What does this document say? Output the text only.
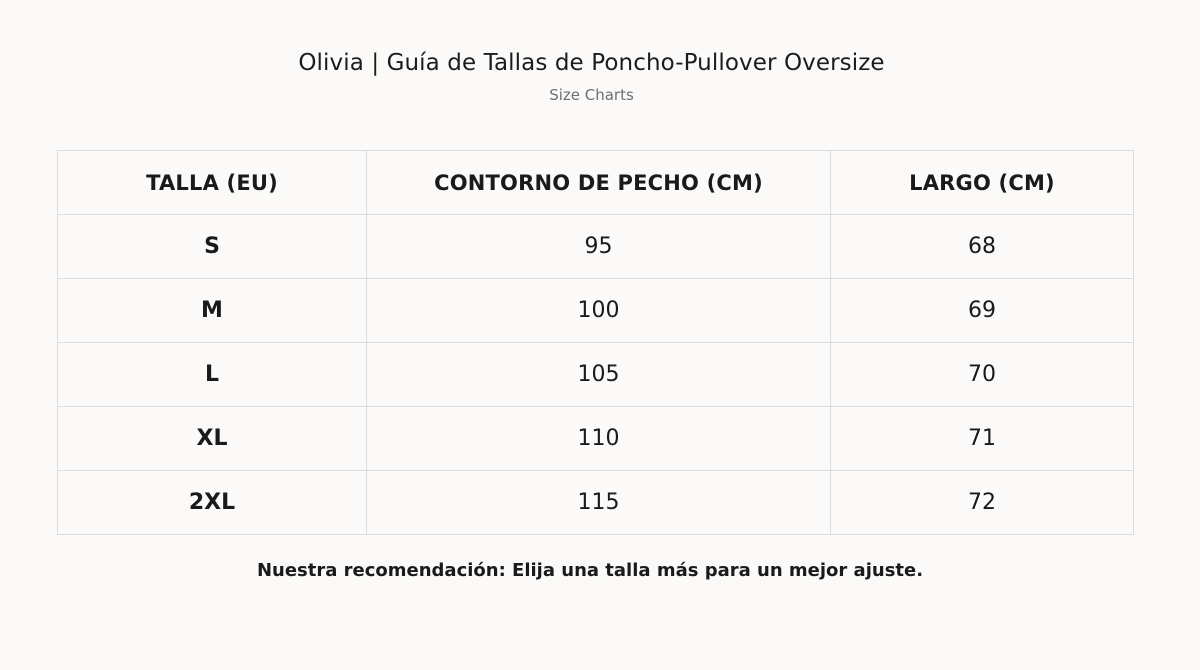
Olivia | Guía de Tallas de Poncho-Pullover Oversize
Size Charts
TALLA (EU)	CONTORNO DE PECHO (CM)	LARGO (CM)
S	95	68
M	100	69
L	105	70
XL	110	71
2XL	115	72
Nuestra recomendación: Elija una talla más para un mejor ajuste.
